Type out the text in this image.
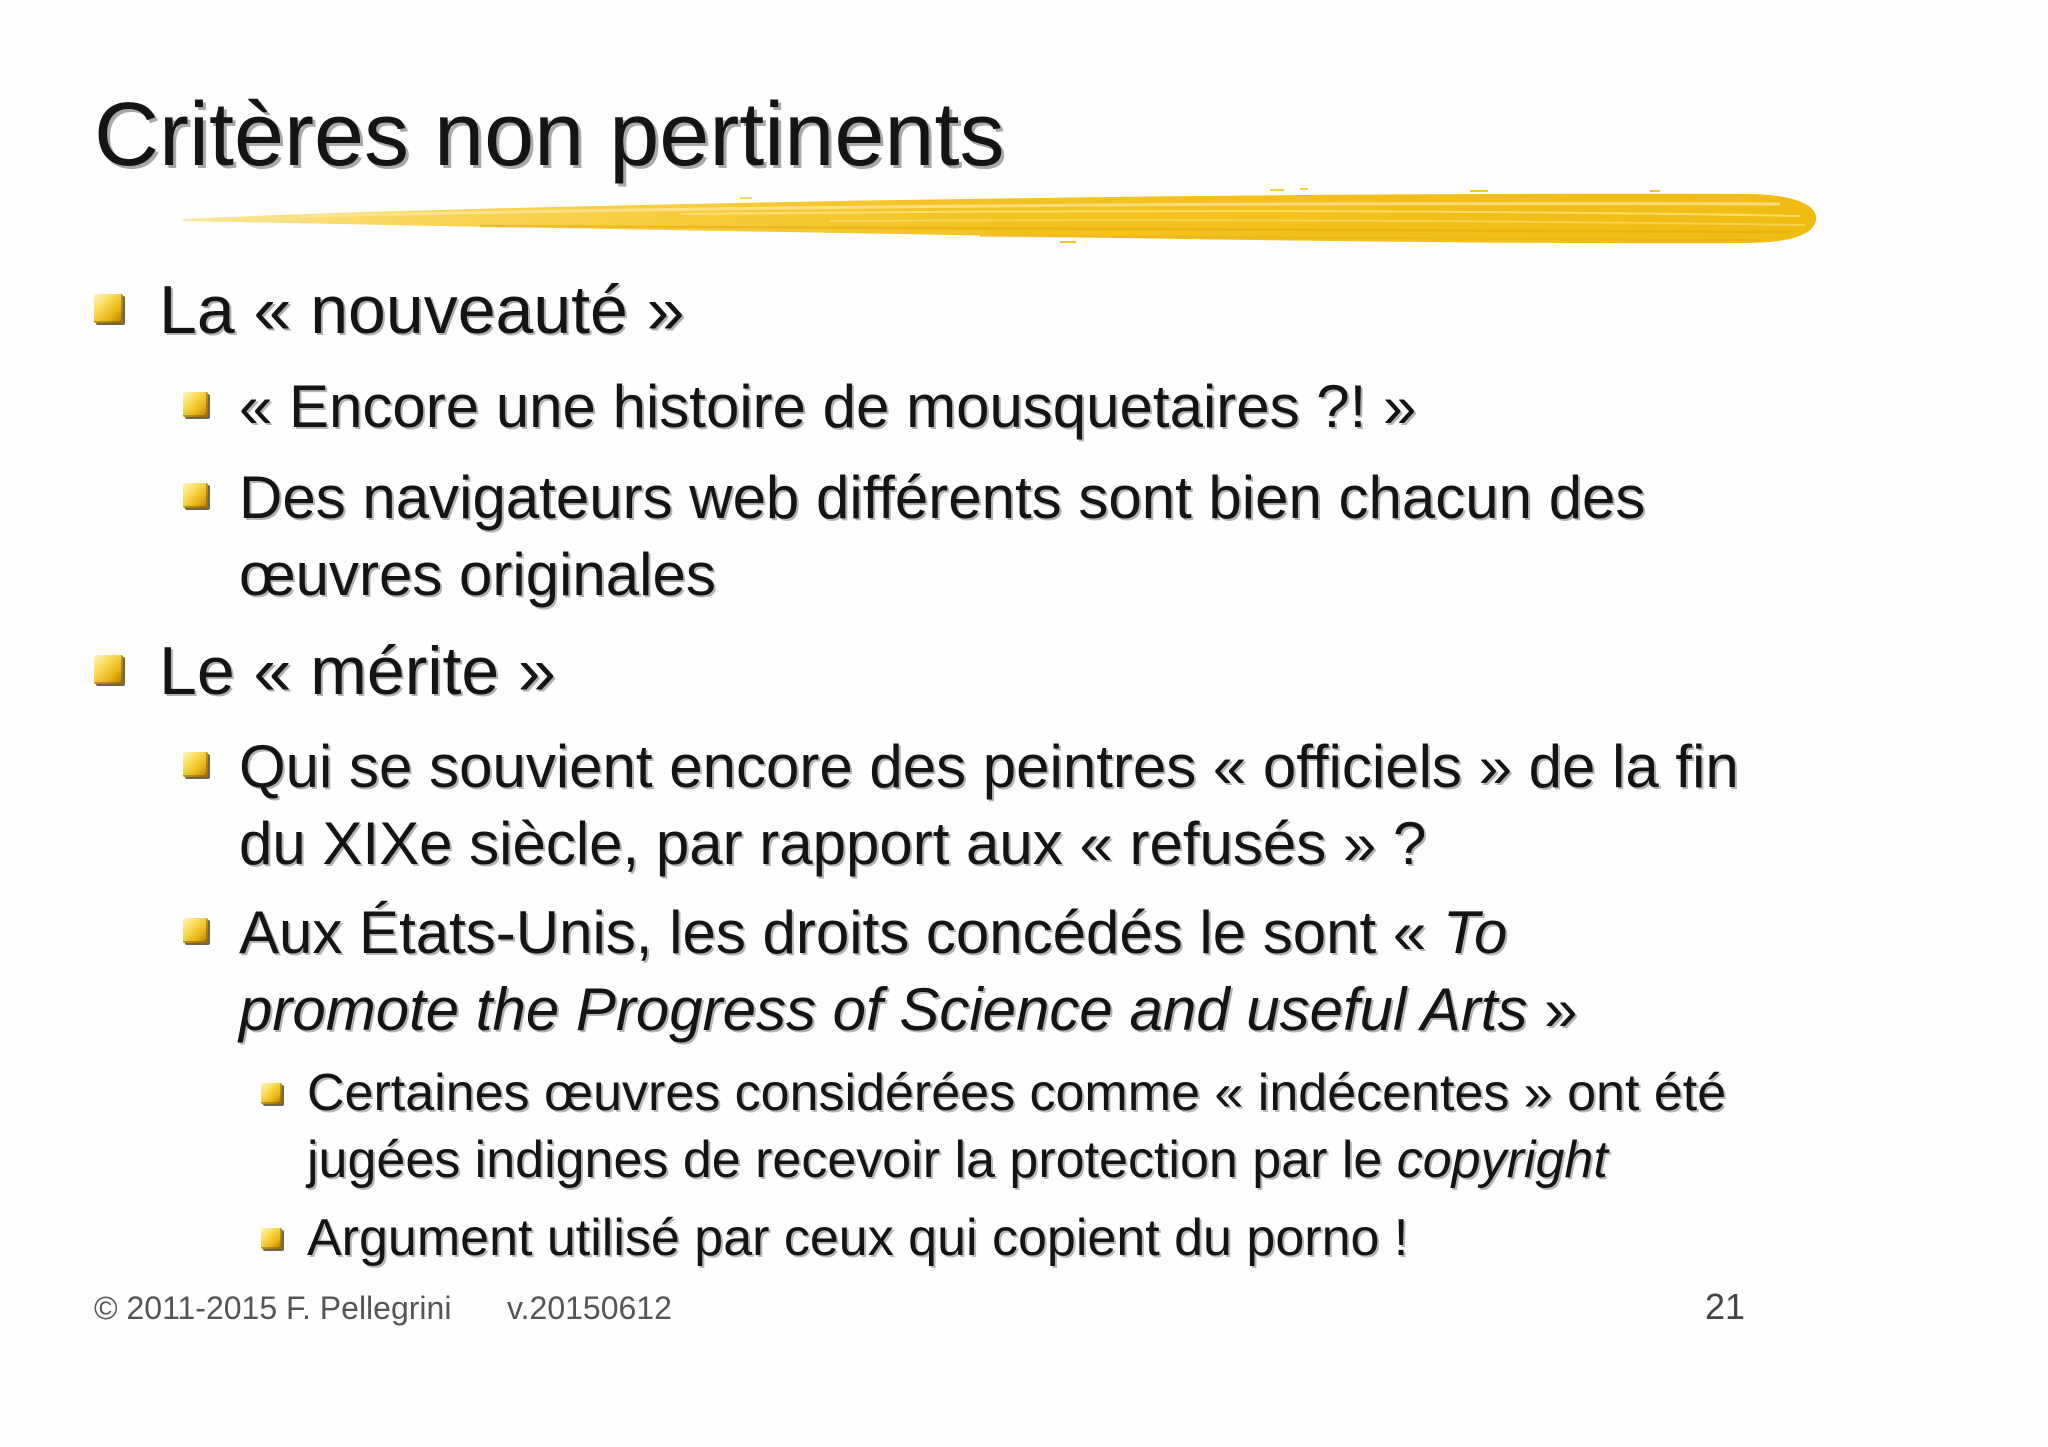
Critères non pertinents
La « nouveauté »
« Encore une histoire de mousquetaires ?! »
Des navigateurs web différents sont bien chacun des
œuvres originales
Le « mérite »
Qui se souvient encore des peintres « officiels » de la fin
du XIXe siècle, par rapport aux « refusés » ?
Aux États-Unis, les droits concédés le sont « To
promote the Progress of Science and useful Arts »
Certaines œuvres considérées comme « indécentes » ont été
jugées indignes de recevoir la protection par le copyright
Argument utilisé par ceux qui copient du porno !
© 2011-2015 F. Pellegrini v.20150612	21
